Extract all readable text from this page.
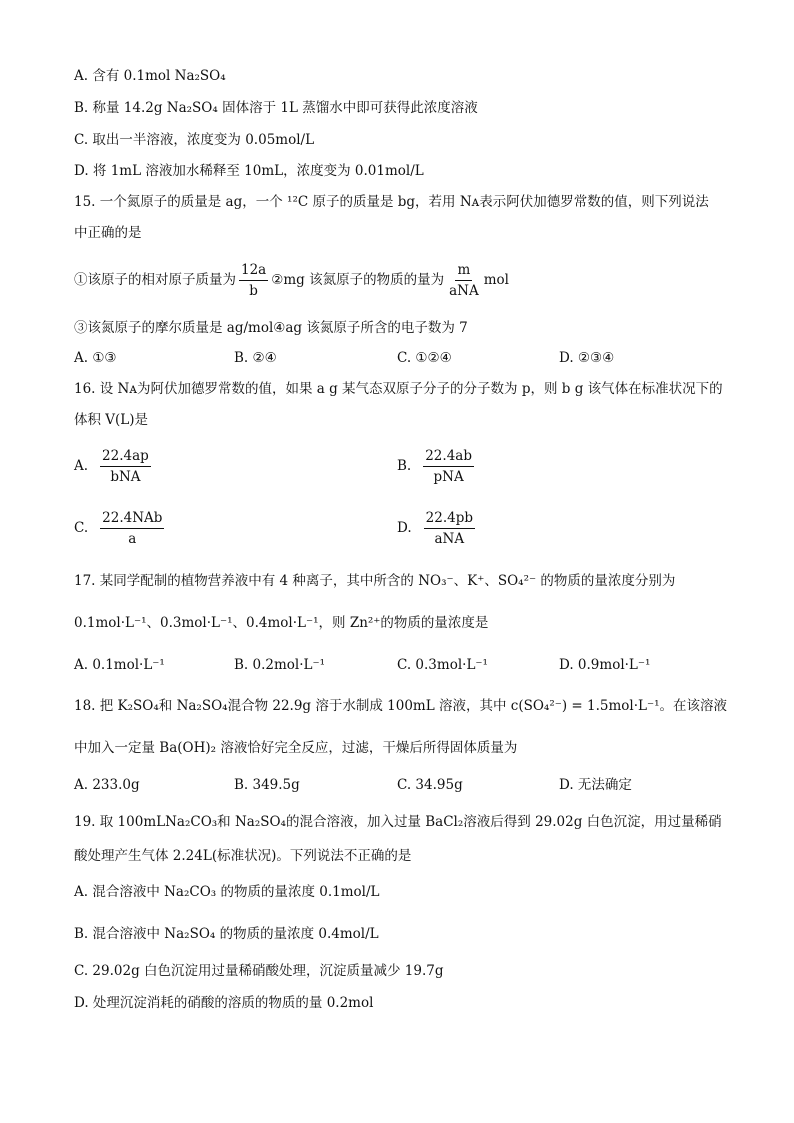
A. 含有 0.1mol Na₂SO₄
B. 称量 14.2g Na₂SO₄ 固体溶于 1L 蒸馏水中即可获得此浓度溶液
C. 取出一半溶液，浓度变为 0.05mol/L
D. 将 1mL 溶液加水稀释至 10mL，浓度变为 0.01mol/L
15. 一个氮原子的质量是 ag，一个 ¹²C 原子的质量是 bg，若用 Nᴀ表示阿伏加德罗常数的值，则下列说法
中正确的是
①该原子的相对原子质量为 $\frac{12a}{b}$ ②mg 该氮原子的物质的量为 $\frac{m}{\text{aNA}}$ mol
③该氮原子的摩尔质量是 ag/mol④ag 该氮原子所含的电子数为 7
A. ①③	B. ②④	C. ①②④	D. ②③④
16. 设 Nᴀ为阿伏加德罗常数的值，如果 a g 某气态双原子分子的分子数为 p，则 b g 该气体在标准状况下的
体积 V(L)是
A. $\frac{22.4ap}{\text{bNA}}$	B. $\frac{22.4ab}{\text{pNA}}$
C. $\frac{\text{22.4NAb}}{a}$	D. $\frac{22.4pb}{\text{aNA}}$
17. 某同学配制的植物营养液中有 4 种离子，其中所含的 NO₃⁻、K⁺、SO₄²⁻ 的物质的量浓度分别为
0.1mol·L⁻¹、0.3mol·L⁻¹、0.4mol·L⁻¹，则 Zn²⁺的物质的量浓度是
A. 0.1mol·L⁻¹	B. 0.2mol·L⁻¹	C. 0.3mol·L⁻¹	D. 0.9mol·L⁻¹
18. 把 K₂SO₄和 Na₂SO₄混合物 22.9g 溶于水制成 100mL 溶液，其中 c(SO₄²⁻) = 1.5mol·L⁻¹。在该溶液
中加入一定量 Ba(OH)₂ 溶液恰好完全反应，过滤，干燥后所得固体质量为
A. 233.0g	B. 349.5g	C. 34.95g	D. 无法确定
19. 取 100mLNa₂CO₃和 Na₂SO₄的混合溶液，加入过量 BaCl₂溶液后得到 29.02g 白色沉淀，用过量稀硝
酸处理产生气体 2.24L(标准状况)。下列说法不正确的是
A. 混合溶液中 Na₂CO₃ 的物质的量浓度 0.1mol/L
B. 混合溶液中 Na₂SO₄ 的物质的量浓度 0.4mol/L
C. 29.02g 白色沉淀用过量稀硝酸处理，沉淀质量减少 19.7g
D. 处理沉淀消耗的硝酸的溶质的物质的量 0.2mol
